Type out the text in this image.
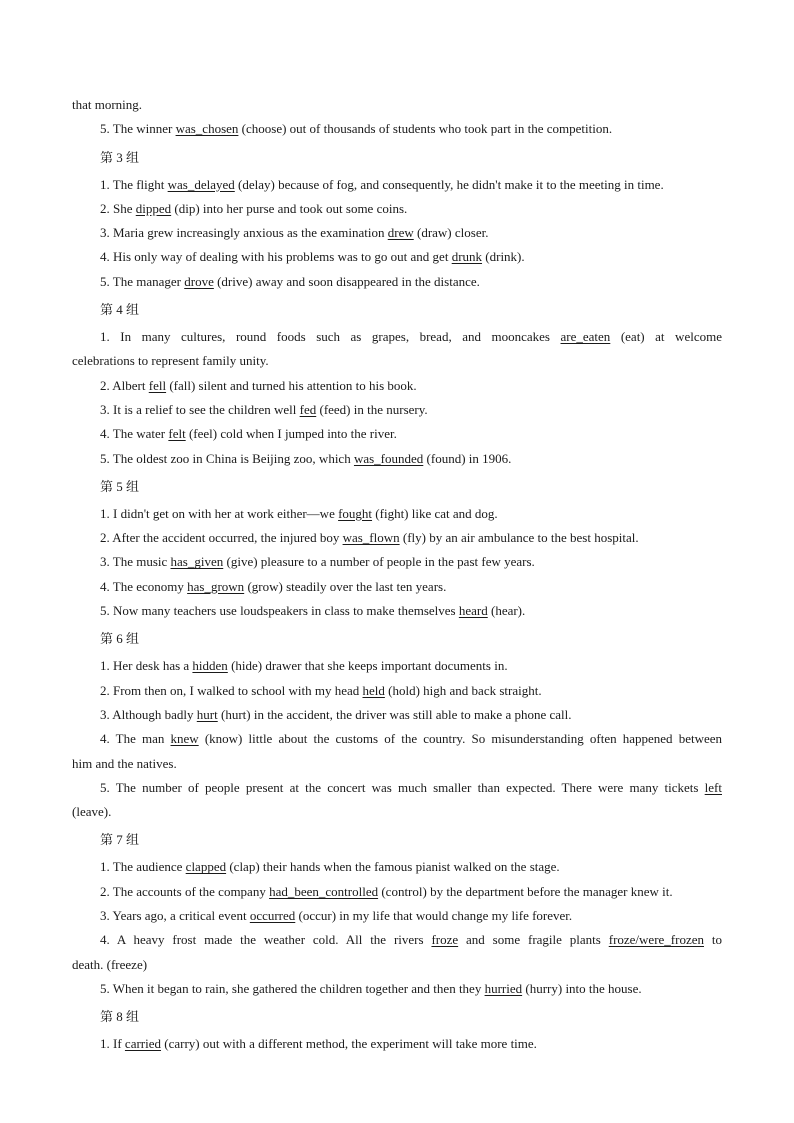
that morning.

5. The winner was_chosen (choose) out of thousands of students who took part in the competition.

第 3 组

1. The flight was_delayed (delay) because of fog, and consequently, he didn't make it to the meeting in time.

2. She dipped (dip) into her purse and took out some coins.

3. Maria grew increasingly anxious as the examination drew (draw) closer.

4. His only way of dealing with his problems was to go out and get drunk (drink).

5. The manager drove (drive) away and soon disappeared in the distance.

第 4 组

1. In many cultures, round foods such as grapes, bread, and mooncakes are_eaten (eat) at welcome

celebrations to represent family unity.

2. Albert fell (fall) silent and turned his attention to his book.

3. It is a relief to see the children well fed (feed) in the nursery.

4. The water felt (feel) cold when I jumped into the river.

5. The oldest zoo in China is Beijing zoo, which was_founded (found) in 1906.

第 5 组

1. I didn't get on with her at work either—we fought (fight) like cat and dog.

2. After the accident occurred, the injured boy was_flown (fly) by an air ambulance to the best hospital.

3. The music has_given (give) pleasure to a number of people in the past few years.

4. The economy has_grown (grow) steadily over the last ten years.

5. Now many teachers use loudspeakers in class to make themselves heard (hear).

第 6 组

1. Her desk has a hidden (hide) drawer that she keeps important documents in.

2. From then on, I walked to school with my head held (hold) high and back straight.

3. Although badly hurt (hurt) in the accident, the driver was still able to make a phone call.

4. The man knew (know) little about the customs of the country. So misunderstanding often happened between

him and the natives.

5. The number of people present at the concert was much smaller than expected. There were many tickets left

(leave).

第 7 组

1. The audience clapped (clap) their hands when the famous pianist walked on the stage.

2. The accounts of the company had_been_controlled (control) by the department before the manager knew it.

3. Years ago, a critical event occurred (occur) in my life that would change my life forever.

4. A heavy frost made the weather cold. All the rivers froze and some fragile plants froze/were_frozen to

death. (freeze)

5. When it began to rain, she gathered the children together and then they hurried (hurry) into the house.

第 8 组

1. If carried (carry) out with a different method, the experiment will take more time.
